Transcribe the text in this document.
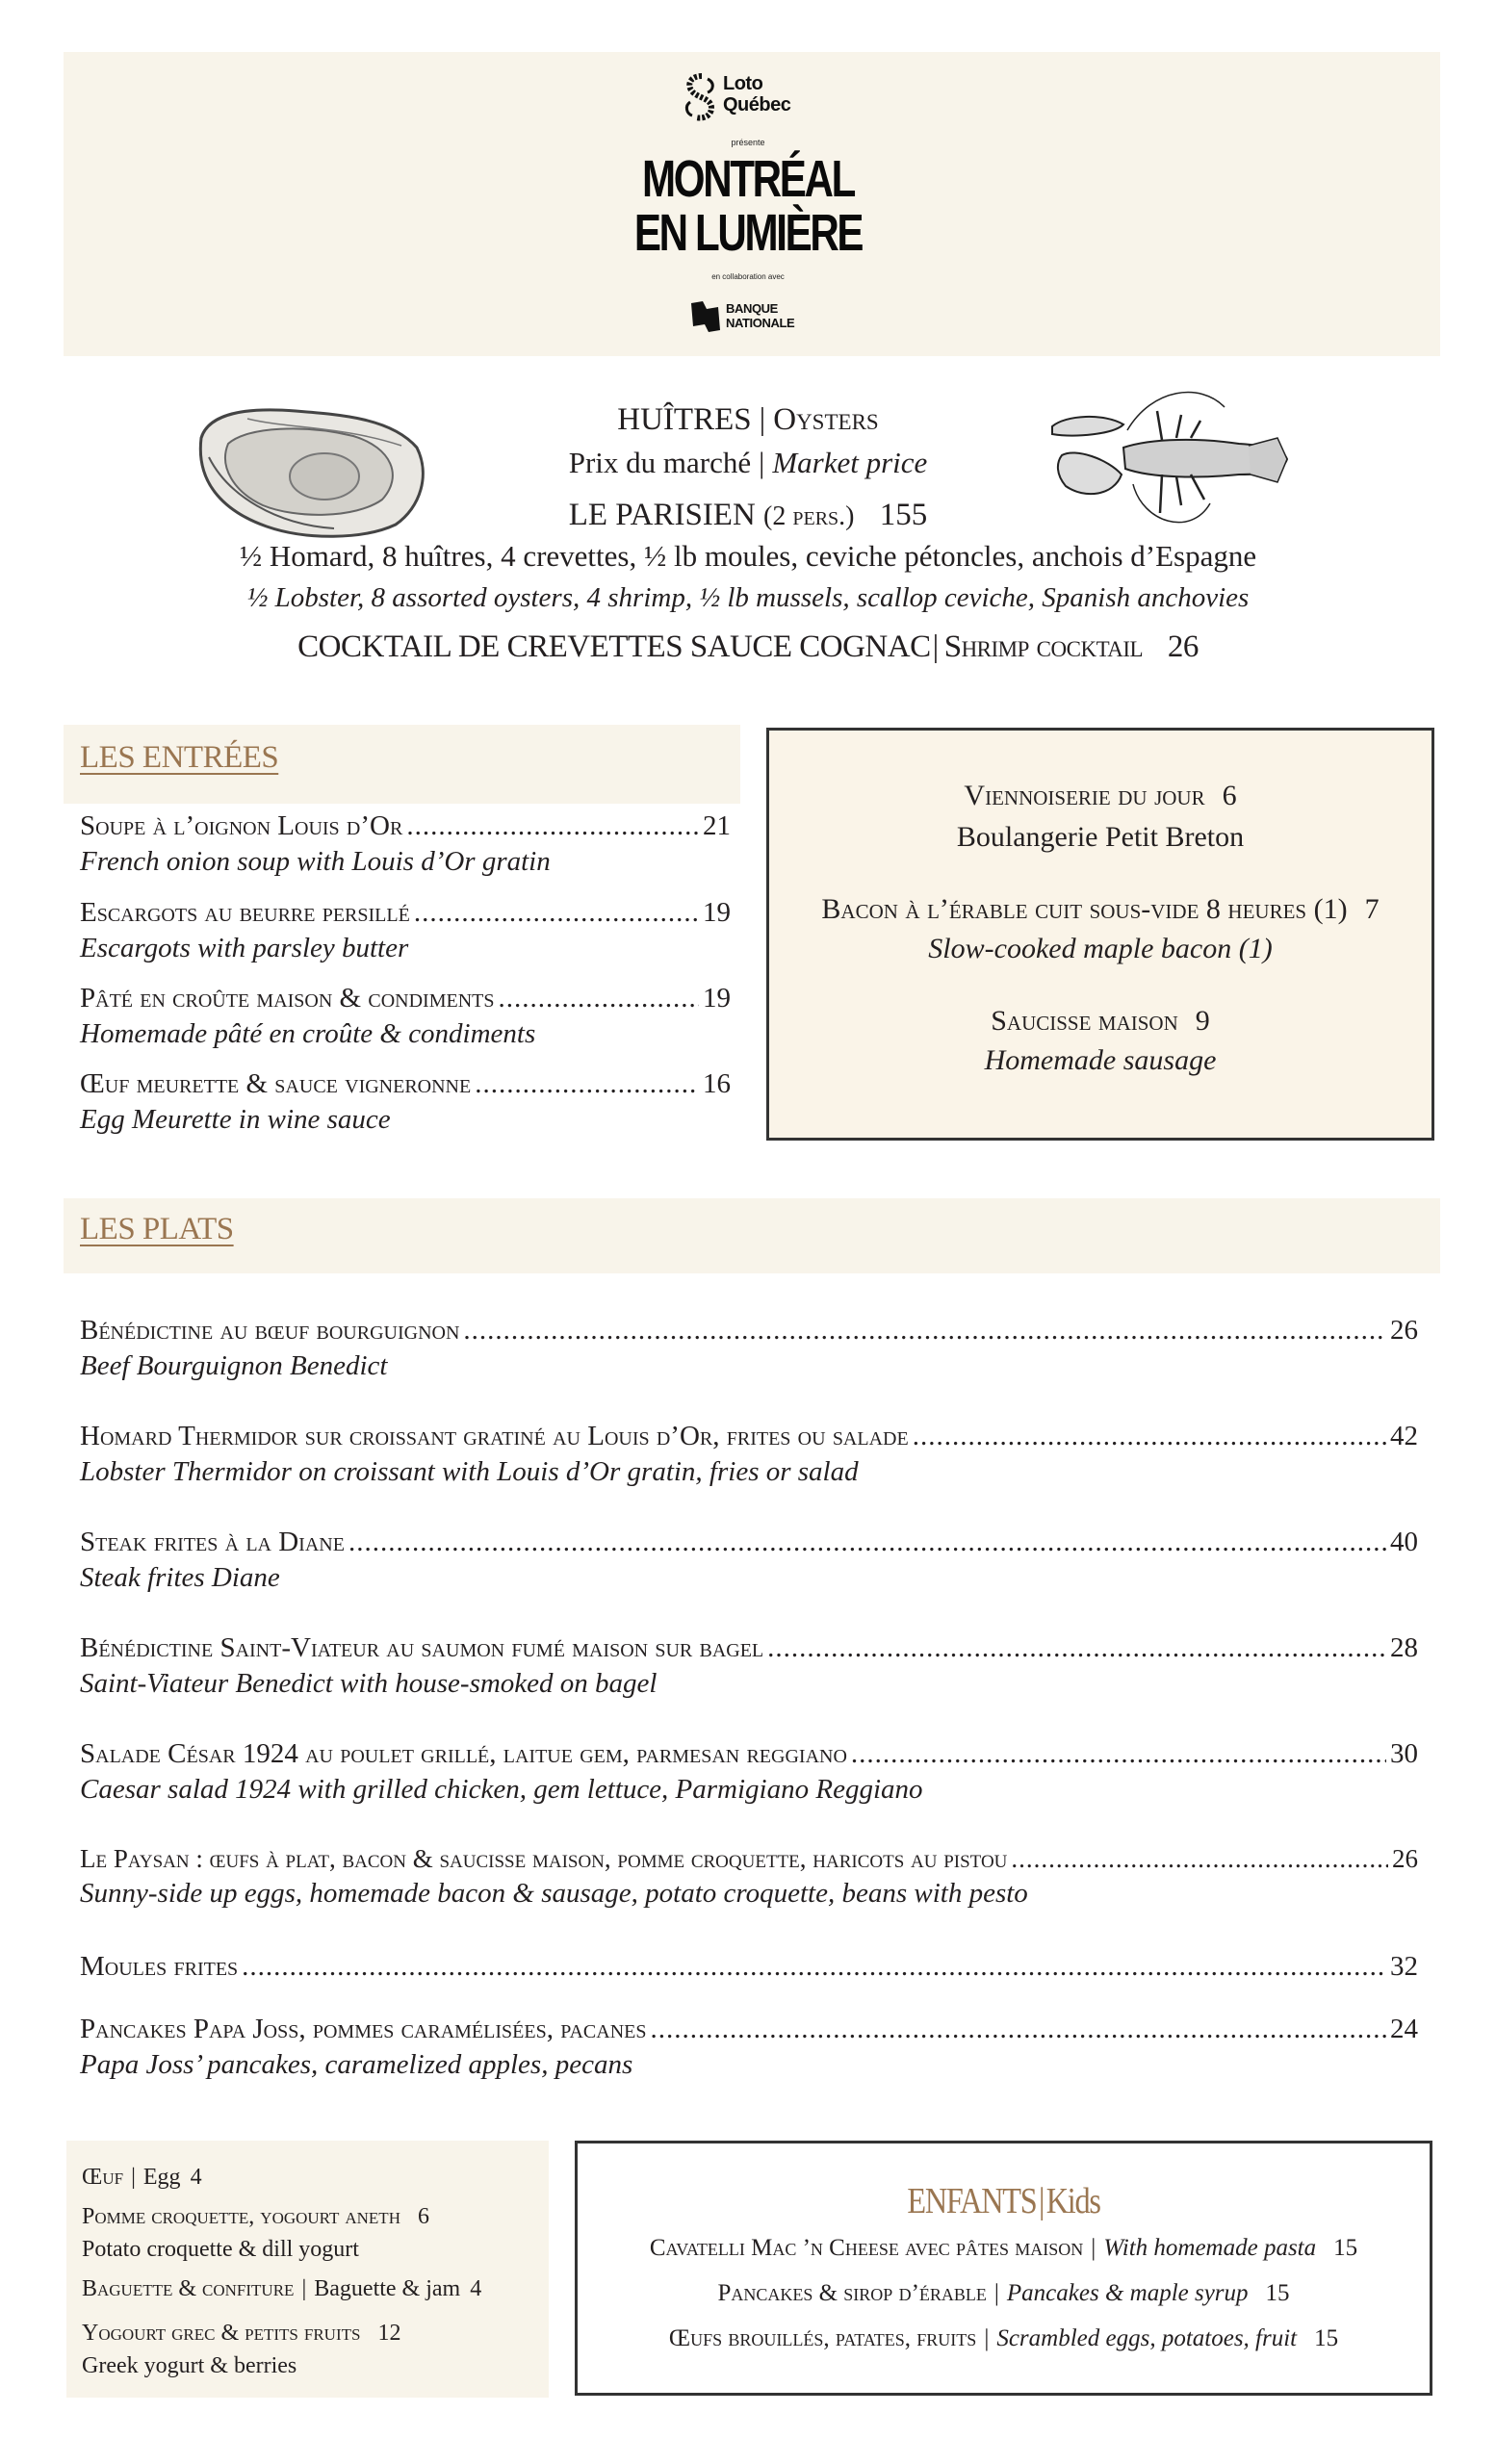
Loto
Québec
présente
MONTRÉAL
EN LUMIÈRE
en collaboration avec
BANQUE
NATIONALE
HUÎTRES | Oysters
Prix du marché | Market price
LE PARISIEN (2 pers.) 155
½ Homard, 8 huîtres, 4 crevettes, ½ lb moules, ceviche pétoncles, anchois d’Espagne
½ Lobster, 8 assorted oysters, 4 shrimp, ½ lb mussels, scallop ceviche, Spanish anchovies
COCKTAIL DE CREVETTES SAUCE COGNAC| Shrimp cocktail 26
LES ENTRÉES
Soupe à l’oignon Louis d’Or .....	21
French onion soup with Louis d’Or gratin
Escargots au beurre persillé .....	19
Escargots with parsley butter
Pâté en croûte maison & condiments .....	19
Homemade pâté en croûte & condiments
Œuf meurette & sauce vigneronne .....	16
Egg Meurette in wine sauce
Viennoiserie du jour 6
Boulangerie Petit Breton
Bacon à l’érable cuit sous-vide 8 heures (1) 7
Slow-cooked maple bacon (1)
Saucisse maison 9
Homemade sausage
LES PLATS
Bénédictine au bœuf bourguignon .....	26
Beef Bourguignon Benedict
Homard Thermidor sur croissant gratiné au Louis d’Or, frites ou salade .....	42
Lobster Thermidor on croissant with Louis d’Or gratin, fries or salad
Steak frites à la Diane .....	40
Steak frites Diane
Bénédictine Saint-Viateur au saumon fumé maison sur bagel .....	28
Saint-Viateur Benedict with house-smoked on bagel
Salade César 1924 au poulet grillé, laitue gem, parmesan reggiano .....	30
Caesar salad 1924 with grilled chicken, gem lettuce, Parmigiano Reggiano
Le Paysan : œufs à plat, bacon & saucisse maison, pomme croquette, haricots au pistou .....	26
Sunny-side up eggs, homemade bacon & sausage, potato croquette, beans with pesto
Moules frites .....	32
Pancakes Papa Joss, pommes caramélisées, pacanes .....	24
Papa Joss’ pancakes, caramelized apples, pecans
Œuf | Egg 4
Pomme croquette, yogourt aneth 6
Potato croquette & dill yogurt
Baguette & confiture | Baguette & jam 4
Yogourt grec & petits fruits 12
Greek yogurt & berries
ENFANTS|Kids
Cavatelli Mac ’n Cheese avec pâtes maison | With homemade pasta 15
Pancakes & sirop d’érable | Pancakes & maple syrup 15
Œufs brouillés, patates, fruits | Scrambled eggs, potatoes, fruit 15
